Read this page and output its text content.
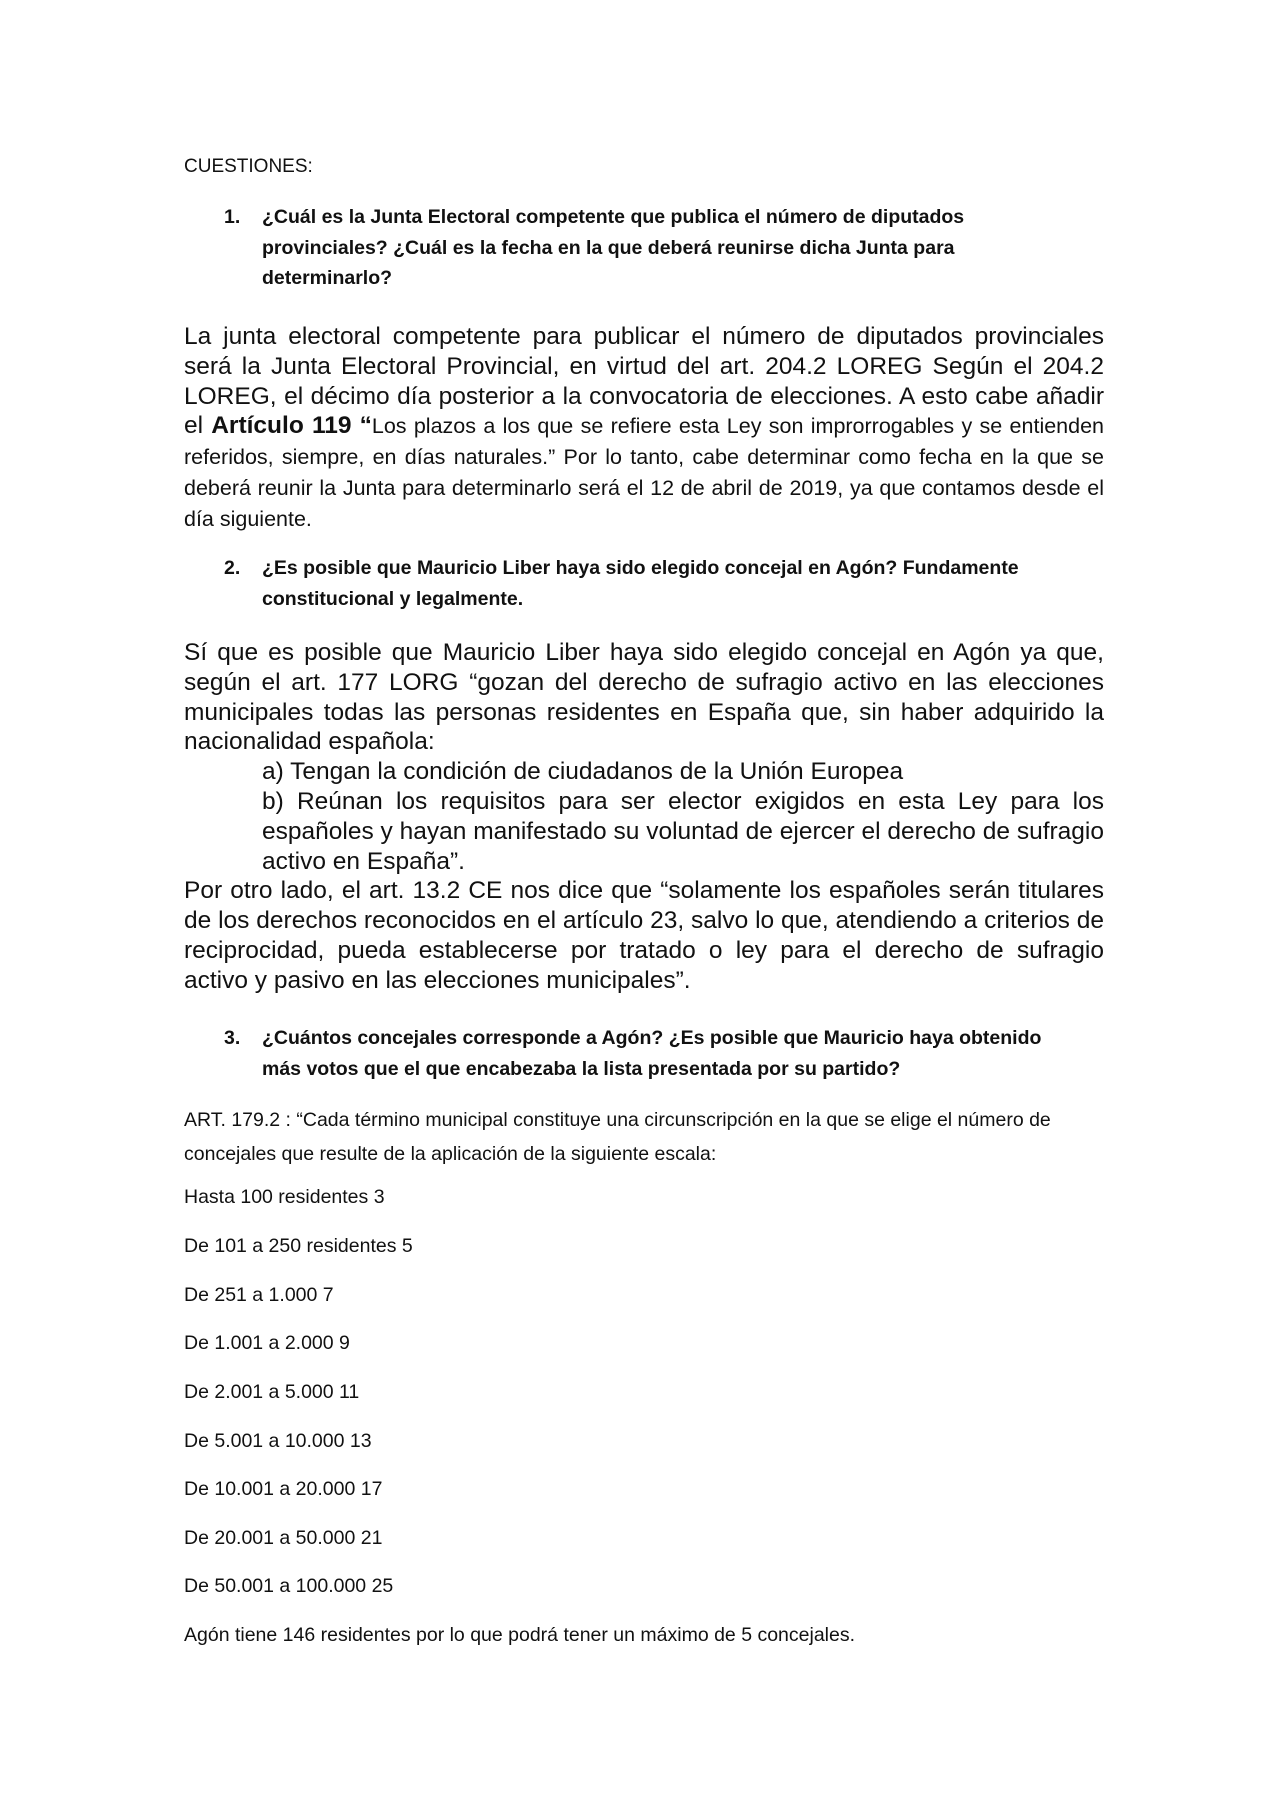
CUESTIONES:
1. ¿Cuál es la Junta Electoral competente que publica el número de diputados provinciales? ¿Cuál es la fecha en la que deberá reunirse dicha Junta para determinarlo?

La junta electoral competente para publicar el número de diputados provinciales será la Junta Electoral Provincial, en virtud del art. 204.2 LOREG Según el 204.2 LOREG, el décimo día posterior a la convocatoria de elecciones. A esto cabe añadir el Artículo 119 “Los plazos a los que se refiere esta Ley son improrrogables y se entienden referidos, siempre, en días naturales.” Por lo tanto, cabe determinar como fecha en la que se deberá reunir la Junta para determinarlo será el 12 de abril de 2019, ya que contamos desde el día siguiente.

2. ¿Es posible que Mauricio Liber haya sido elegido concejal en Agón? Fundamente constitucional y legalmente.

Sí que es posible que Mauricio Liber haya sido elegido concejal en Agón ya que, según el art. 177 LORG “gozan del derecho de sufragio activo en las elecciones municipales todas las personas residentes en España que, sin haber adquirido la nacionalidad española:

a) Tengan la condición de ciudadanos de la Unión Europea

b) Reúnan los requisitos para ser elector exigidos en esta Ley para los españoles y hayan manifestado su voluntad de ejercer el derecho de sufragio activo en España”.

Por otro lado, el art. 13.2 CE nos dice que “solamente los españoles serán titulares de los derechos reconocidos en el artículo 23, salvo lo que, atendiendo a criterios de reciprocidad, pueda establecerse por tratado o ley para el derecho de sufragio activo y pasivo en las elecciones municipales”.

3. ¿Cuántos concejales corresponde a Agón? ¿Es posible que Mauricio haya obtenido más votos que el que encabezaba la lista presentada por su partido?

ART. 179.2 : “Cada término municipal constituye una circunscripción en la que se elige el número de concejales que resulte de la aplicación de la siguiente escala:

Hasta 100 residentes 3

De 101 a 250 residentes 5

De 251 a 1.000 7

De 1.001 a 2.000 9

De 2.001 a 5.000 11

De 5.001 a 10.000 13

De 10.001 a 20.000 17

De 20.001 a 50.000 21

De 50.001 a 100.000 25

Agón tiene 146 residentes por lo que podrá tener un máximo de 5 concejales.
